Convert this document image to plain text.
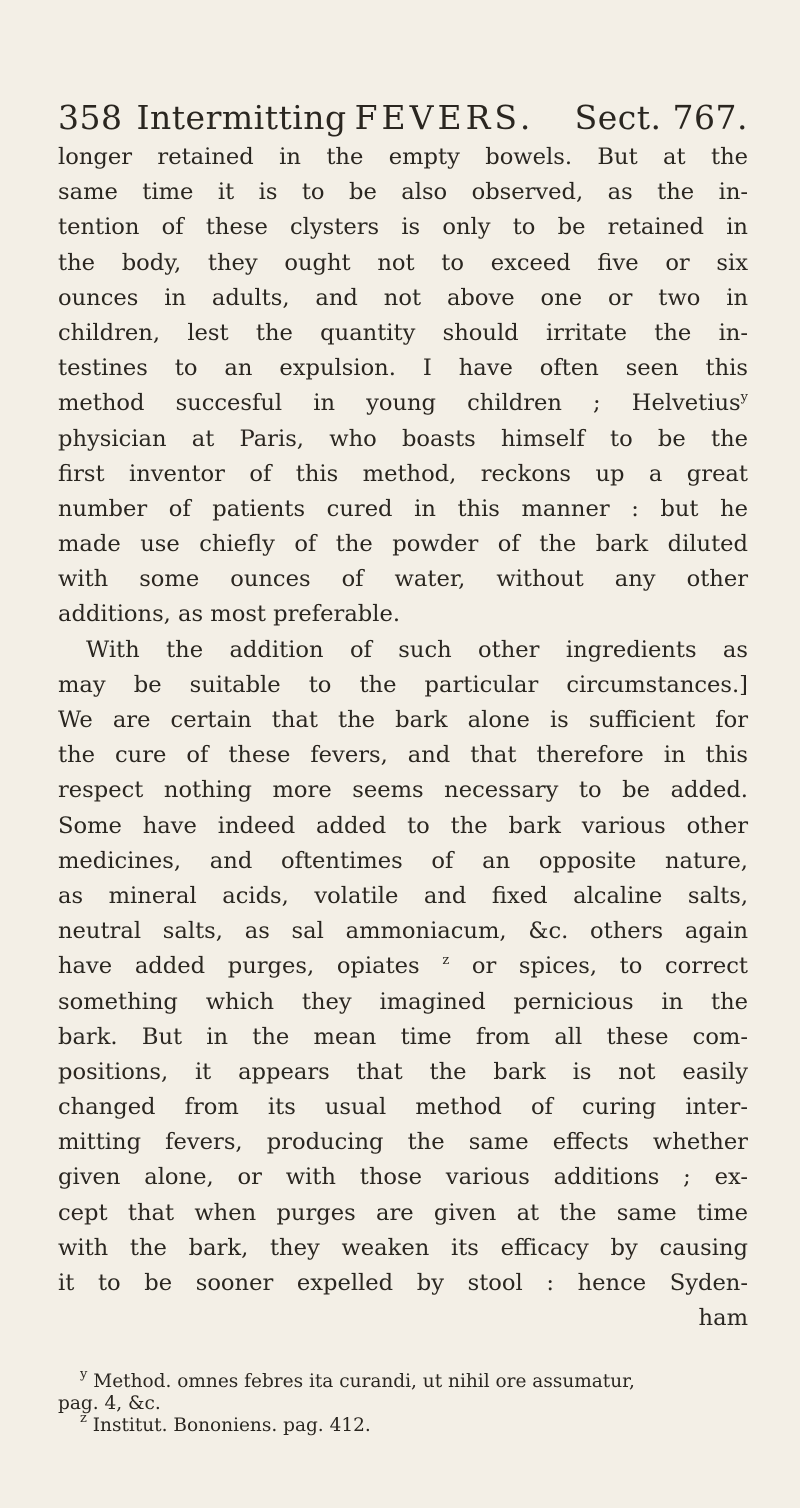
358 Intermitting FEVERS. Sect. 767.
longer retained in the empty bowels. But at the
same time it is to be also observed, as the in-
tention of these clysters is only to be retained in
the body, they ought not to exceed five or six
ounces in adults, and not above one or two in
children, lest the quantity should irritate the in-
testines to an expulsion. I have often seen this
method succesful in young children ; Helvetius$^y$
physician at Paris, who boasts himself to be the
first inventor of this method, reckons up a great
number of patients cured in this manner : but he
made use chiefly of the powder of the bark diluted
with some ounces of water, without any other
additions, as most preferable.
With the addition of such other ingredients as
may be suitable to the particular circumstances.]
We are certain that the bark alone is sufficient for
the cure of these fevers, and that therefore in this
respect nothing more seems necessary to be added.
Some have indeed added to the bark various other
medicines, and oftentimes of an opposite nature,
as mineral acids, volatile and fixed alcaline salts,
neutral salts, as sal ammoniacum, &c. others again
have added purges, opiates $^z$ or spices, to correct
something which they imagined pernicious in the
bark. But in the mean time from all these com-
positions, it appears that the bark is not easily
changed from its usual method of curing inter-
mitting fevers, producing the same effects whether
given alone, or with those various additions ; ex-
cept that when purges are given at the same time
with the bark, they weaken its efficacy by causing
it to be sooner expelled by stool : hence Syden-
ham
$^y$ Method. omnes febres ita curandi, ut nihil ore assumatur,
pag. 4, &c.
$^z$ Institut. Bononiens. pag. 412.
